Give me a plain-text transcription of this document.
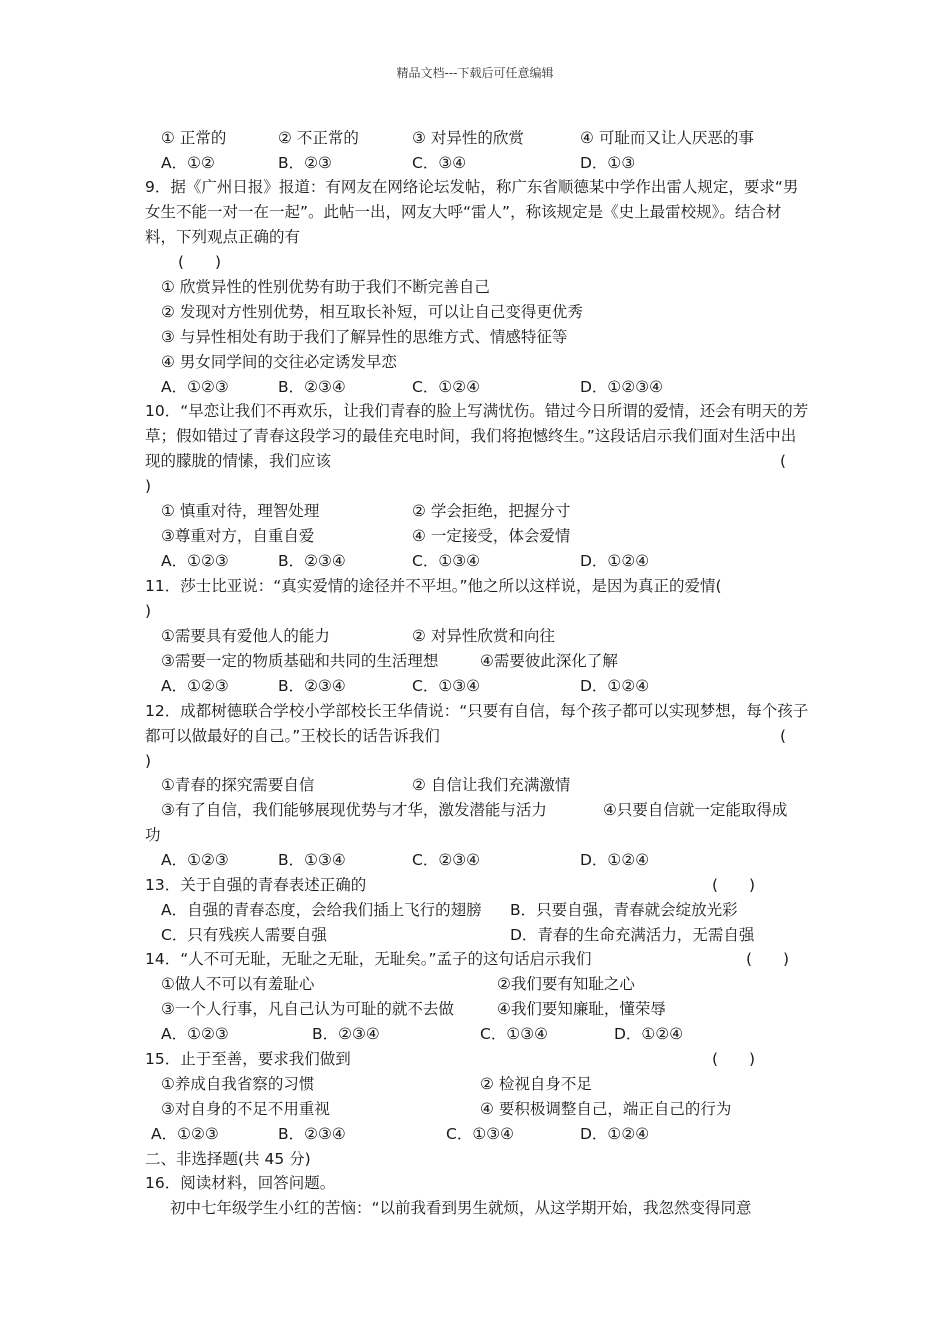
精品文档---下载后可任意编辑
① 正常的	② 不正常的	③ 对异性的欣赏	④ 可耻而又让人厌恶的事
A．①②	B．②③	C．③④	D．①③
9．据《广州日报》报道：有网友在网络论坛发帖，称广东省顺德某中学作出雷人规定，要求“男女生不能一对一在一起”。此帖一出，网友大呼“雷人”，称该规定是《史上最雷校规》。结合材料，下列观点正确的有
(　　)
① 欣赏异性的性别优势有助于我们不断完善自己
② 发现对方性别优势，相互取长补短，可以让自己变得更优秀
③ 与异性相处有助于我们了解异性的思维方式、情感特征等
④ 男女同学间的交往必定诱发早恋
A．①②③	B．②③④	C．①②④	D．①②③④
10．“早恋让我们不再欢乐，让我们青春的脸上写满忧伤。错过今日所谓的爱情，还会有明天的芳草；假如错过了青春这段学习的最佳充电时间，我们将抱憾终生。”这段话启示我们面对生活中出现的朦胧的情愫，我们应该	(
)
① 慎重对待，理智处理	② 学会拒绝，把握分寸
③尊重对方，自重自爱	④ 一定接受，体会爱情
A．①②③	B．②③④	C．①③④	D．①②④
11．莎士比亚说：“真实爱情的途径并不平坦。”他之所以这样说，是因为真正的爱情(
)
①需要具有爱他人的能力	② 对异性欣赏和向往
③需要一定的物质基础和共同的生活理想	④需要彼此深化了解
A．①②③	B．②③④	C．①③④	D．①②④
12．成都树德联合学校小学部校长王华倩说：“只要有自信，每个孩子都可以实现梦想，每个孩子都可以做最好的自己。”王校长的话告诉我们	(
)
①青春的探究需要自信	② 自信让我们充满激情
③有了自信，我们能够展现优势与才华，激发潜能与活力	④只要自信就一定能取得成
功
A．①②③	B．①③④	C．②③④	D．①②④
13．关于自强的青春表述正确的	(　　)
A．自强的青春态度，会给我们插上飞行的翅膀 B．只要自强，青春就会绽放光彩
C．只有残疾人需要自强	D．青春的生命充满活力，无需自强
14．“人不可无耻，无耻之无耻，无耻矣。”孟子的这句话启示我们	(　　)
①做人不可以有羞耻心	②我们要有知耻之心
③一个人行事，凡自己认为可耻的就不去做	④我们要知廉耻，懂荣辱
A．①②③	B．②③④	C．①③④	D．①②④
15．止于至善，要求我们做到	(　　)
①养成自我省察的习惯	② 检视自身不足
③对自身的不足不用重视	④ 要积极调整自己，端正自己的行为
A．①②③	B．②③④	C．①③④	D．①②④
二、非选择题(共 45 分)
16．阅读材料，回答问题。
初中七年级学生小红的苦恼：“以前我看到男生就烦，从这学期开始，我忽然变得同意
